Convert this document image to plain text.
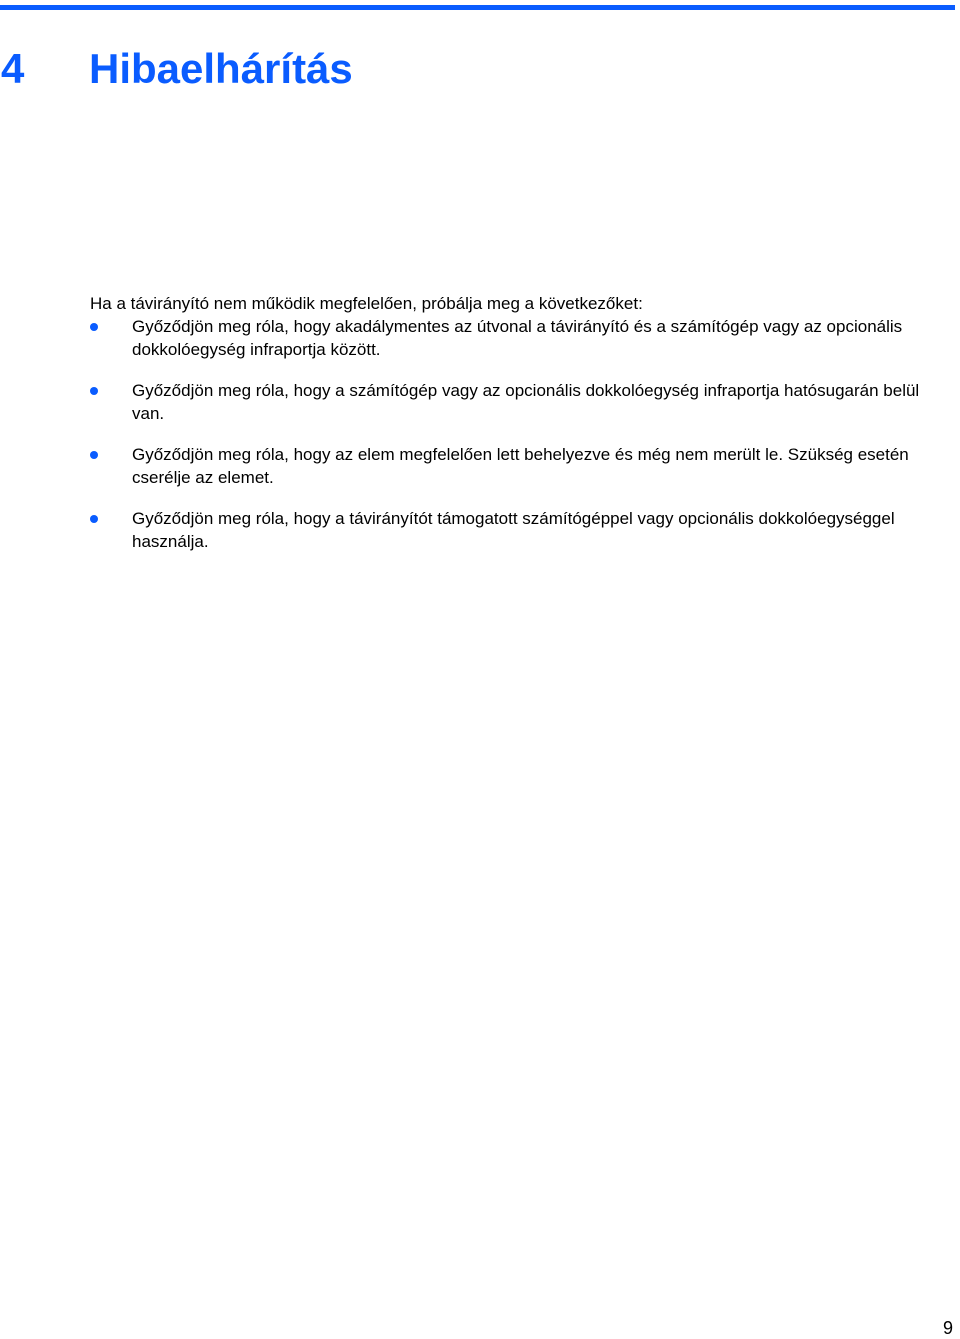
4	Hibaelhárítás

Ha a távirányító nem működik megfelelően, próbálja meg a következőket:

Győződjön meg róla, hogy akadálymentes az útvonal a távirányító és a számítógép vagy az opcionális dokkolóegység infraportja között.
Győződjön meg róla, hogy a számítógép vagy az opcionális dokkolóegység infraportja hatósugarán belül van.
Győződjön meg róla, hogy az elem megfelelően lett behelyezve és még nem merült le. Szükség esetén cserélje az elemet.
Győződjön meg róla, hogy a távirányítót támogatott számítógéppel vagy opcionális dokkolóegységgel használja.
9
